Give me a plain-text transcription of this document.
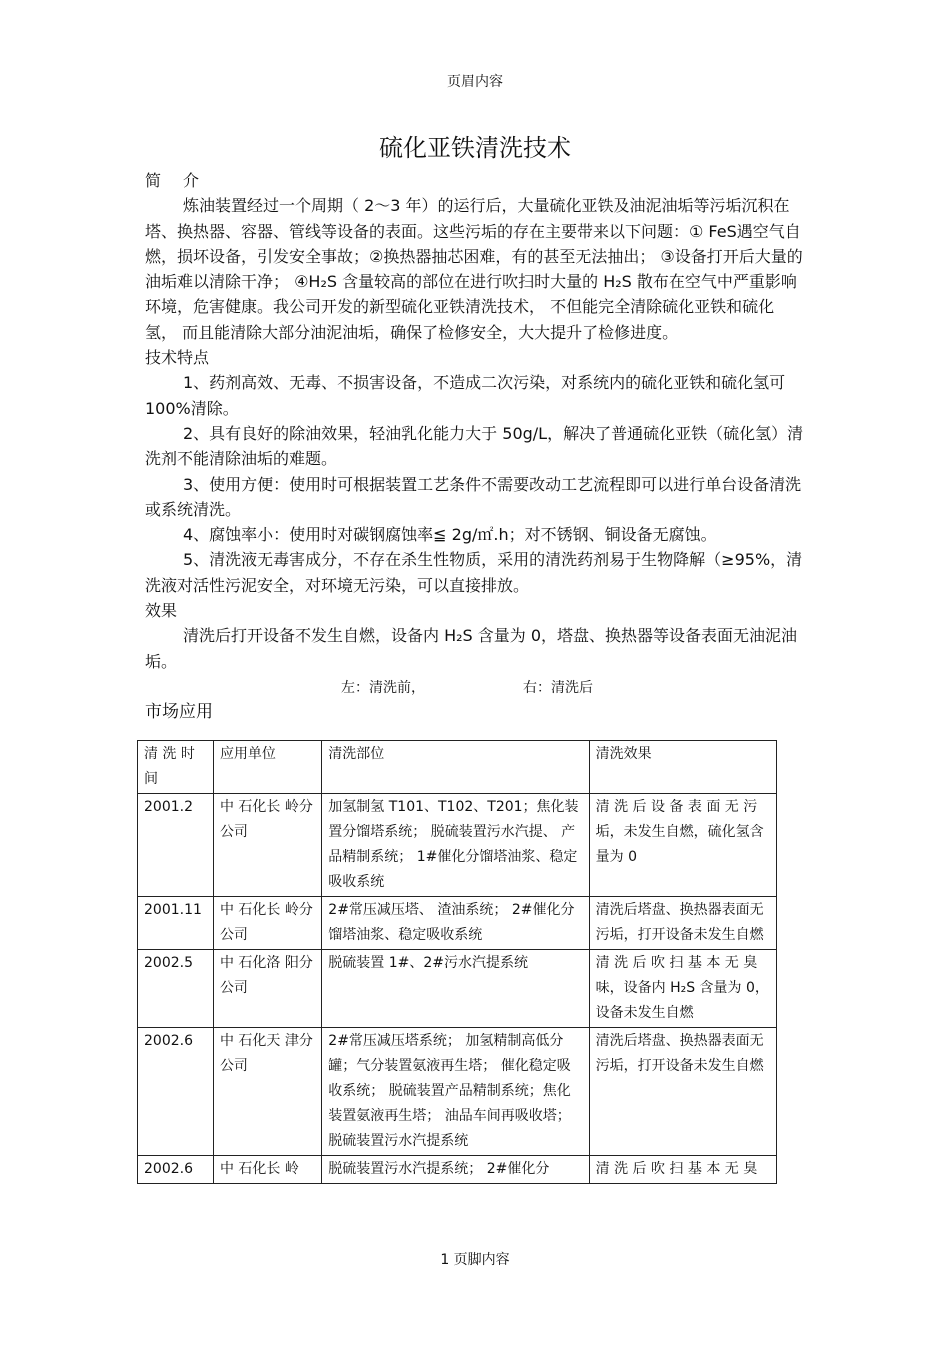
页眉内容
硫化亚铁清洗技术

简介

炼油装置经过一个周期（ 2～3 年）的运行后，大量硫化亚铁及油泥油垢等污垢沉积在塔、换热器、容器、管线等设备的表面。这些污垢的存在主要带来以下问题：① FeS遇空气自燃，损坏设备，引发安全事故；②换热器抽芯困难，有的甚至无法抽出； ③设备打开后大量的油垢难以清除干净； ④H₂S 含量较高的部位在进行吹扫时大量的 H₂S 散布在空气中严重影响环境，危害健康。我公司开发的新型硫化亚铁清洗技术， 不但能完全清除硫化亚铁和硫化氢， 而且能清除大部分油泥油垢，确保了检修安全，大大提升了检修进度。

技术特点

1、药剂高效、无毒、不损害设备，不造成二次污染，对系统内的硫化亚铁和硫化氢可 100%清除。

2、具有良好的除油效果，轻油乳化能力大于 50g/L，解决了普通硫化亚铁（硫化氢）清洗剂不能清除油垢的难题。

3、使用方便：使用时可根据装置工艺条件不需要改动工艺流程即可以进行单台设备清洗或系统清洗。

4、腐蚀率小：使用时对碳钢腐蚀率≦ 2g/㎡.h；对不锈钢、铜设备无腐蚀。

5、清洗液无毒害成分，不存在杀生性物质，采用的清洗药剂易于生物降解（≥95%，清洗液对活性污泥安全，对环境无污染，可以直接排放。

效果

清洗后打开设备不发生自燃，设备内 H₂S 含量为 0，塔盘、换热器等设备表面无油泥油垢。

左：清洗前，	右：清洗后

市场应用

清 洗 时间	应用单位	清洗部位	清洗效果
2001.2	中 石化长 岭分公司	加氢制氢 T101、T102、T201；焦化装置分馏塔系统； 脱硫装置污水汽提、 产品精制系统； 1#催化分馏塔油浆、稳定吸收系统	清 洗 后 设 备 表 面 无 污 垢，未发生自燃，硫化氢含量为 0
2001.11	中 石化长 岭分公司	2#常压减压塔、 渣油系统； 2#催化分馏塔油浆、稳定吸收系统	清洗后塔盘、换热器表面无污垢，打开设备未发生自燃
2002.5	中 石化洛 阳分公司	脱硫装置 1#、2#污水汽提系统	清 洗 后 吹 扫 基 本 无 臭 味，设备内 H₂S 含量为 0，设备未发生自燃
2002.6	中 石化天 津分公司	2#常压减压塔系统； 加氢精制高低分罐；气分装置氨液再生塔； 催化稳定吸收系统； 脱硫装置产品精制系统；焦化装置氨液再生塔； 油品车间再吸收塔； 脱硫装置污水汽提系统	清洗后塔盘、换热器表面无污垢，打开设备未发生自燃
2002.6	中 石化长 岭	脱硫装置污水汽提系统； 2#催化分	清 洗 后 吹 扫 基 本 无 臭
1 页脚内容
